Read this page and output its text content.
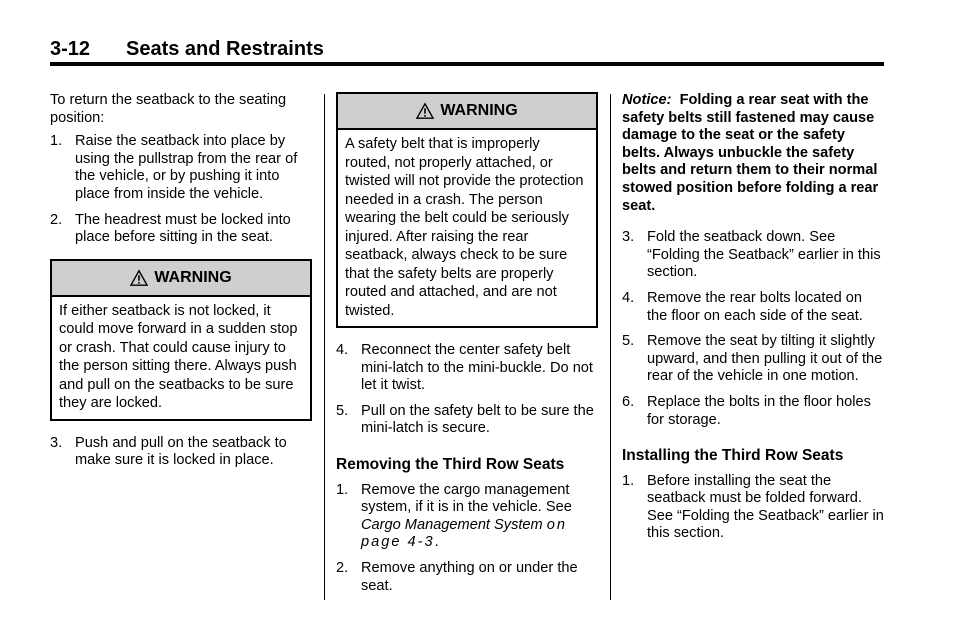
3-12 Seats and Restraints

To return the seatback to the seating position:

1. Raise the seatback into place by using the pullstrap from the rear of the vehicle, or by pushing it into place from inside the vehicle.
2. The headrest must be locked into place before sitting in the seat.
WARNING
If either seatback is not locked, it could move forward in a sudden stop or crash. That could cause injury to the person sitting there. Always push and pull on the seatbacks to be sure they are locked.
3. Push and pull on the seatback to make sure it is locked in place.
WARNING
A safety belt that is improperly routed, not properly attached, or twisted will not provide the protection needed in a crash. The person wearing the belt could be seriously injured. After raising the rear seatback, always check to be sure that the safety belts are properly routed and attached, and are not twisted.
4. Reconnect the center safety belt mini-latch to the mini-buckle. Do not let it twist.
5. Pull on the safety belt to be sure the mini-latch is secure.
Removing the Third Row Seats
1. Remove the cargo management system, if it is in the vehicle. See Cargo Management System on page 4-3.
2. Remove anything on or under the seat.

Notice: Folding a rear seat with the safety belts still fastened may cause damage to the seat or the safety belts. Always unbuckle the safety belts and return them to their normal stowed position before folding a rear seat.

3. Fold the seatback down. See “Folding the Seatback” earlier in this section.
4. Remove the rear bolts located on the floor on each side of the seat.
5. Remove the seat by tilting it slightly upward, and then pulling it out of the rear of the vehicle in one motion.
6. Replace the bolts in the floor holes for storage.
Installing the Third Row Seats
1. Before installing the seat the seatback must be folded forward. See “Folding the Seatback” earlier in this section.
